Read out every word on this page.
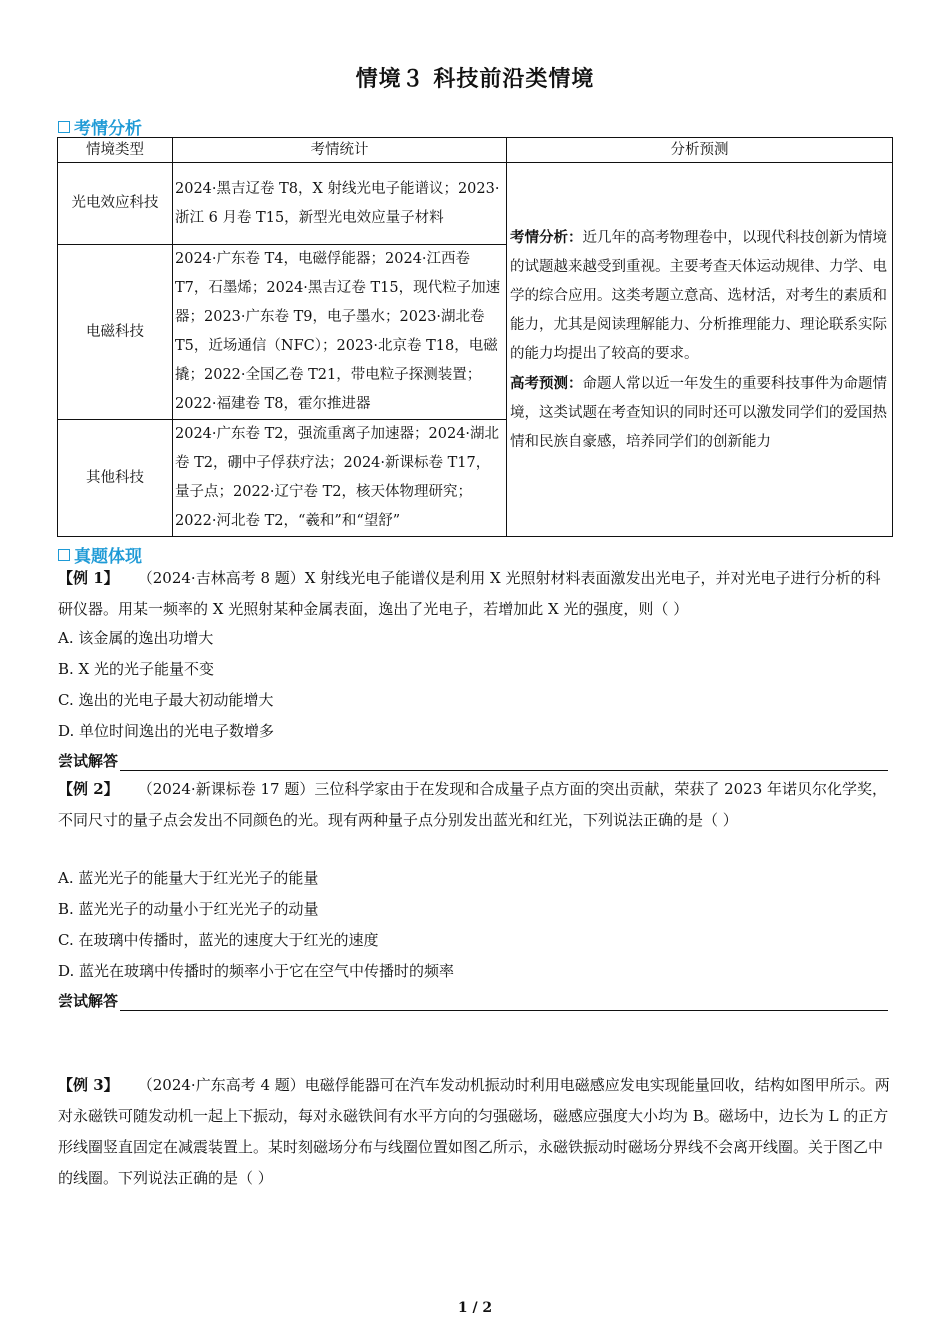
情境３ 科技前沿类情境
考情分析
情境类型	考情统计	分析预测
光电效应科技	2024·黑吉辽卷 T8，X 射线光电子能谱议；2023·浙江 6 月卷 T15，新型光电效应量子材料	考情分析：近几年的高考物理卷中，以现代科技创新为情境的试题越来越受到重视。主要考查天体运动规律、力学、电学的综合应用。这类考题立意高、选材活，对考生的素质和能力，尤其是阅读理解能力、分析推理能力、理论联系实际的能力均提出了较高的要求。
高考预测：命题人常以近一年发生的重要科技事件为命题情境，这类试题在考查知识的同时还可以激发同学们的爱国热情和民族自豪感，培养同学们的创新能力

电磁科技	2024·广东卷 T4，电磁俘能器；2024·江西卷 T7，石墨烯；2024·黑吉辽卷 T15，现代粒子加速器；2023·广东卷 T9，电子墨水；2023·湖北卷 T5，近场通信（NFC）；2023·北京卷 T18，电磁撬；2022·全国乙卷 T21，带电粒子探测装置；2022·福建卷 T8，霍尔推进器	
其他科技	2024·广东卷 T2，强流重离子加速器；2024·湖北卷 T2，硼中子俘获疗法；2024·新课标卷 T17，量子点；2022·辽宁卷 T2，核天体物理研究；2022·河北卷 T2，“羲和”和“望舒”	
真题体现
【例 1】 （2024·吉林高考 8 题）X 射线光电子能谱仪是利用 X 光照射材料表面激发出光电子，并对光电子进行分析的科研仪器。用某一频率的 X 光照射某种金属表面，逸出了光电子，若增加此 X 光的强度，则（ ）
A. 该金属的逸出功增大
B. X 光的光子能量不变
C. 逸出的光电子最大初动能增大
D. 单位时间逸出的光电子数增多
尝试解答
【例 2】 （2024·新课标卷 17 题）三位科学家由于在发现和合成量子点方面的突出贡献，荣获了 2023 年诺贝尔化学奖，不同尺寸的量子点会发出不同颜色的光。现有两种量子点分别发出蓝光和红光，下列说法正确的是（ ）
A. 蓝光光子的能量大于红光光子的能量
B. 蓝光光子的动量小于红光光子的动量
C. 在玻璃中传播时，蓝光的速度大于红光的速度
D. 蓝光在玻璃中传播时的频率小于它在空气中传播时的频率
尝试解答
【例 3】 （2024·广东高考 4 题）电磁俘能器可在汽车发动机振动时利用电磁感应发电实现能量回收，结构如图甲所示。两对永磁铁可随发动机一起上下振动，每对永磁铁间有水平方向的匀强磁场，磁感应强度大小均为 B。磁场中，边长为 L 的正方形线圈竖直固定在减震装置上。某时刻磁场分布与线圈位置如图乙所示，永磁铁振动时磁场分界线不会离开线圈。关于图乙中的线圈。下列说法正确的是（ ）
1 / 2
